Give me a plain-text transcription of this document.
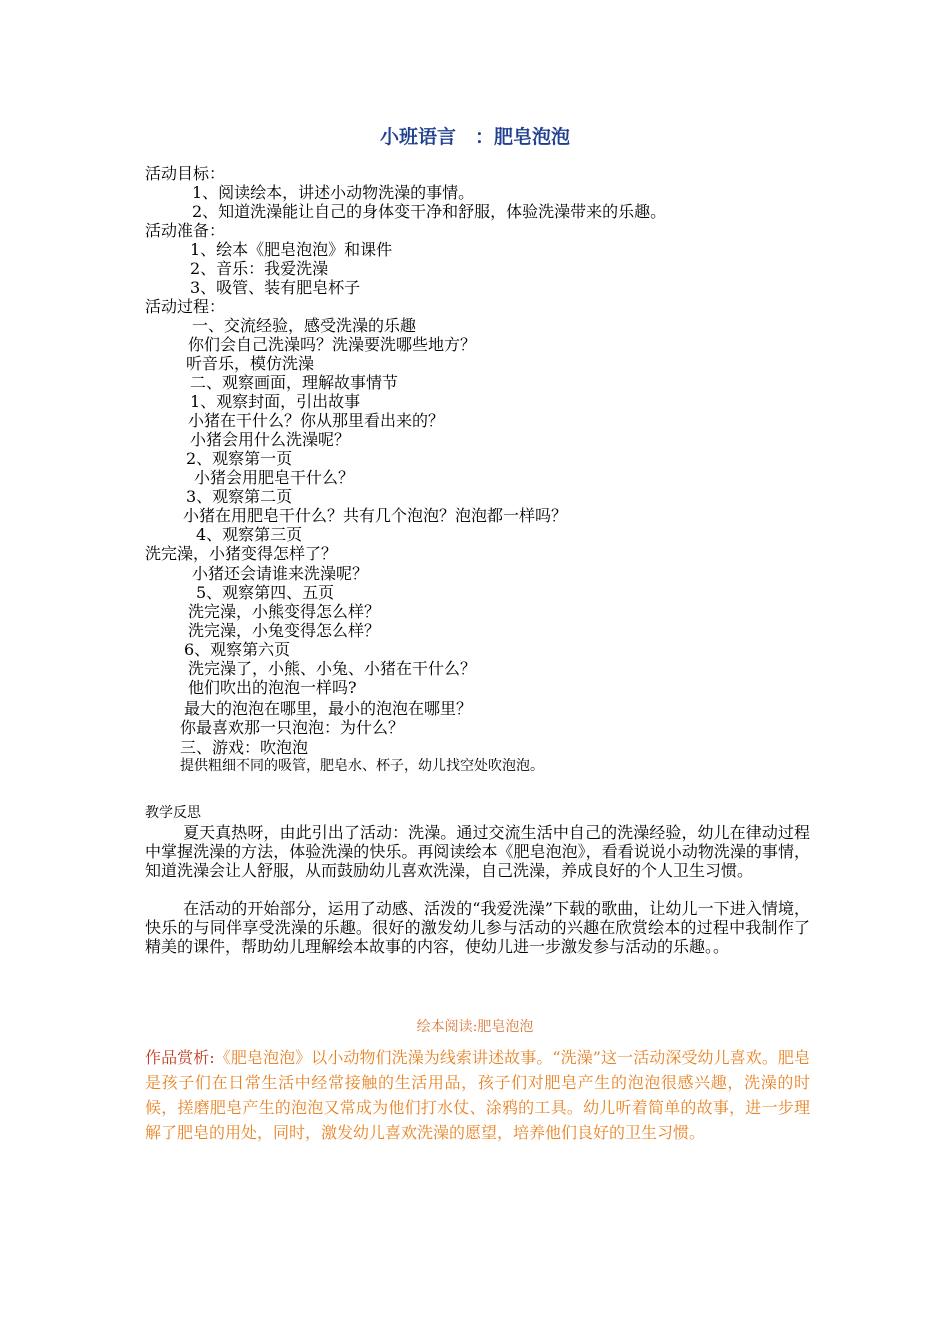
小班语言　：肥皂泡泡
活动目标：
1、阅读绘本，讲述小动物洗澡的事情。
2、知道洗澡能让自己的身体变干净和舒服，体验洗澡带来的乐趣。
活动准备：
1、绘本《肥皂泡泡》和课件
2、音乐：我爱洗澡
3、吸管、装有肥皂杯子
活动过程：
一、交流经验，感受洗澡的乐趣
你们会自己洗澡吗？洗澡要洗哪些地方？
听音乐，模仿洗澡
二、观察画面，理解故事情节
1、观察封面，引出故事
小猪在干什么？你从那里看出来的？
小猪会用什么洗澡呢？
2、观察第一页
小猪会用肥皂干什么？
3、观察第二页
小猪在用肥皂干什么？共有几个泡泡？泡泡都一样吗？
4、观察第三页
洗完澡，小猪变得怎样了？
小猪还会请谁来洗澡呢？
5、观察第四、五页
洗完澡，小熊变得怎么样？
洗完澡，小兔变得怎么样？
6、观察第六页
洗完澡了，小熊、小兔、小猪在干什么？
他们吹出的泡泡一样吗?
最大的泡泡在哪里，最小的泡泡在哪里？
你最喜欢那一只泡泡：为什么？
三、游戏：吹泡泡
提供粗细不同的吸管，肥皂水、杯子，幼儿找空处吹泡泡。
教学反思
夏天真热呀，由此引出了活动：洗澡。通过交流生活中自己的洗澡经验，幼儿在律动过程中掌握洗澡的方法，体验洗澡的快乐。再阅读绘本《肥皂泡泡》，看看说说小动物洗澡的事情，知道洗澡会让人舒服，从而鼓励幼儿喜欢洗澡，自己洗澡，养成良好的个人卫生习惯。
在活动的开始部分，运用了动感、活泼的“我爱洗澡”下载的歌曲，让幼儿一下进入情境，快乐的与同伴享受洗澡的乐趣。很好的激发幼儿参与活动的兴趣在欣赏绘本的过程中我制作了精美的课件，帮助幼儿理解绘本故事的内容，使幼儿进一步激发参与活动的乐趣。。
绘本阅读:肥皂泡泡
作品赏析:《肥皂泡泡》以小动物们洗澡为线索讲述故事。“洗澡”这一活动深受幼儿喜欢。肥皂是孩子们在日常生活中经常接触的生活用品，孩子们对肥皂产生的泡泡很感兴趣，洗澡的时候，搓磨肥皂产生的泡泡又常成为他们打水仗、涂鸦的工具。幼儿听着简单的故事，进一步理解了肥皂的用处，同时，激发幼儿喜欢洗澡的愿望，培养他们良好的卫生习惯。
